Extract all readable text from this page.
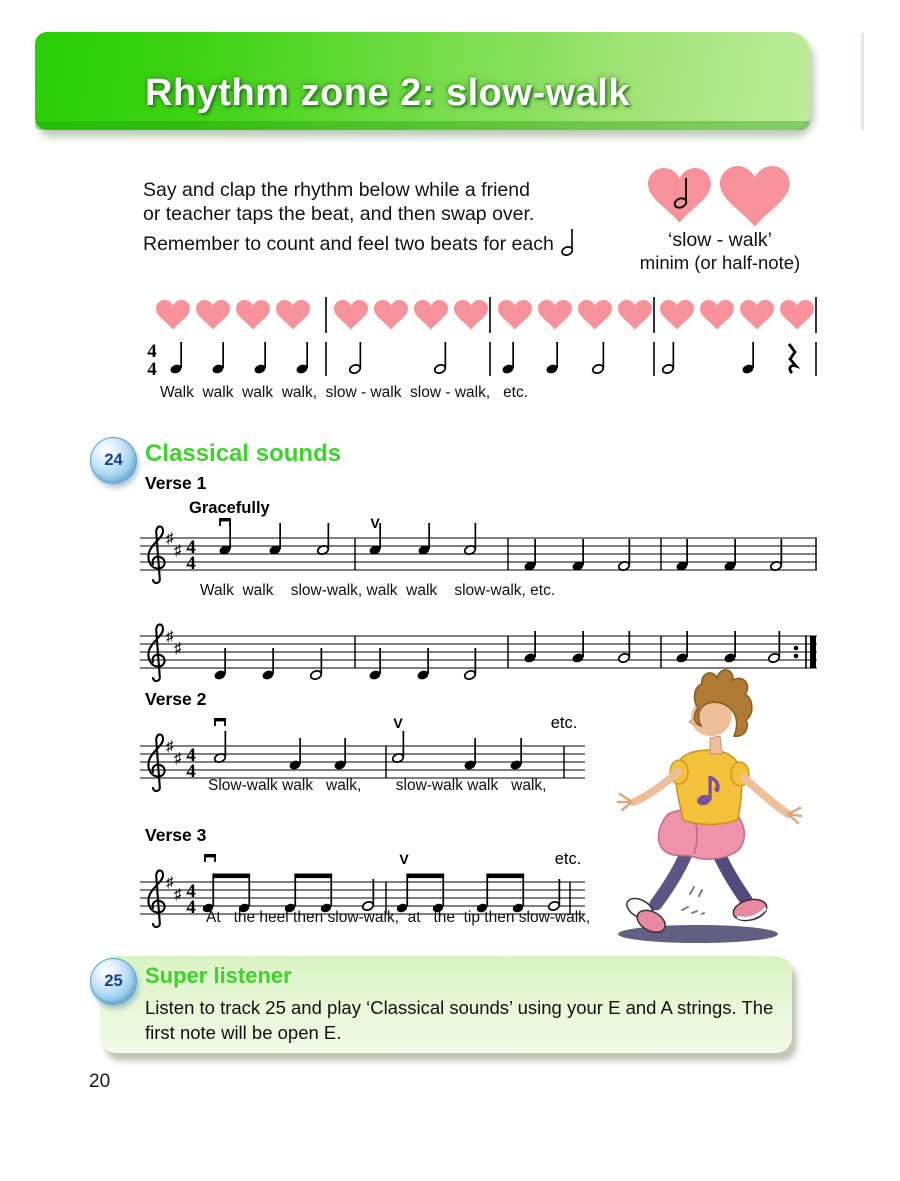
Rhythm zone 2: slow-walk
Say and clap the rhythm below while a friend
or teacher taps the beat, and then swap over.
Remember to count and feel two beats for each	‘slow - walk’
minim (or half-note)
4
4
Walk  walk  walk  walk,  slow - walk  slow - walk,   etc.
24 Classical sounds
Verse 1
Gracefully
♯
♯ 4
4
V
Walk  walk    slow-walk, walk  walk    slow-walk, etc.
♯
♯
Verse 2
♯
♯ 4
4
V	etc.
Slow-walk walk   walk,        slow-walk walk   walk,
Verse 3
♯
♯ 4
4
V	etc.
At   the heel then slow-walk,  at   the  tip then slow-walk,
25 Super listener
Listen to track 25 and play ‘Classical sounds’ using your E and A strings. The first note will be open E.
20
